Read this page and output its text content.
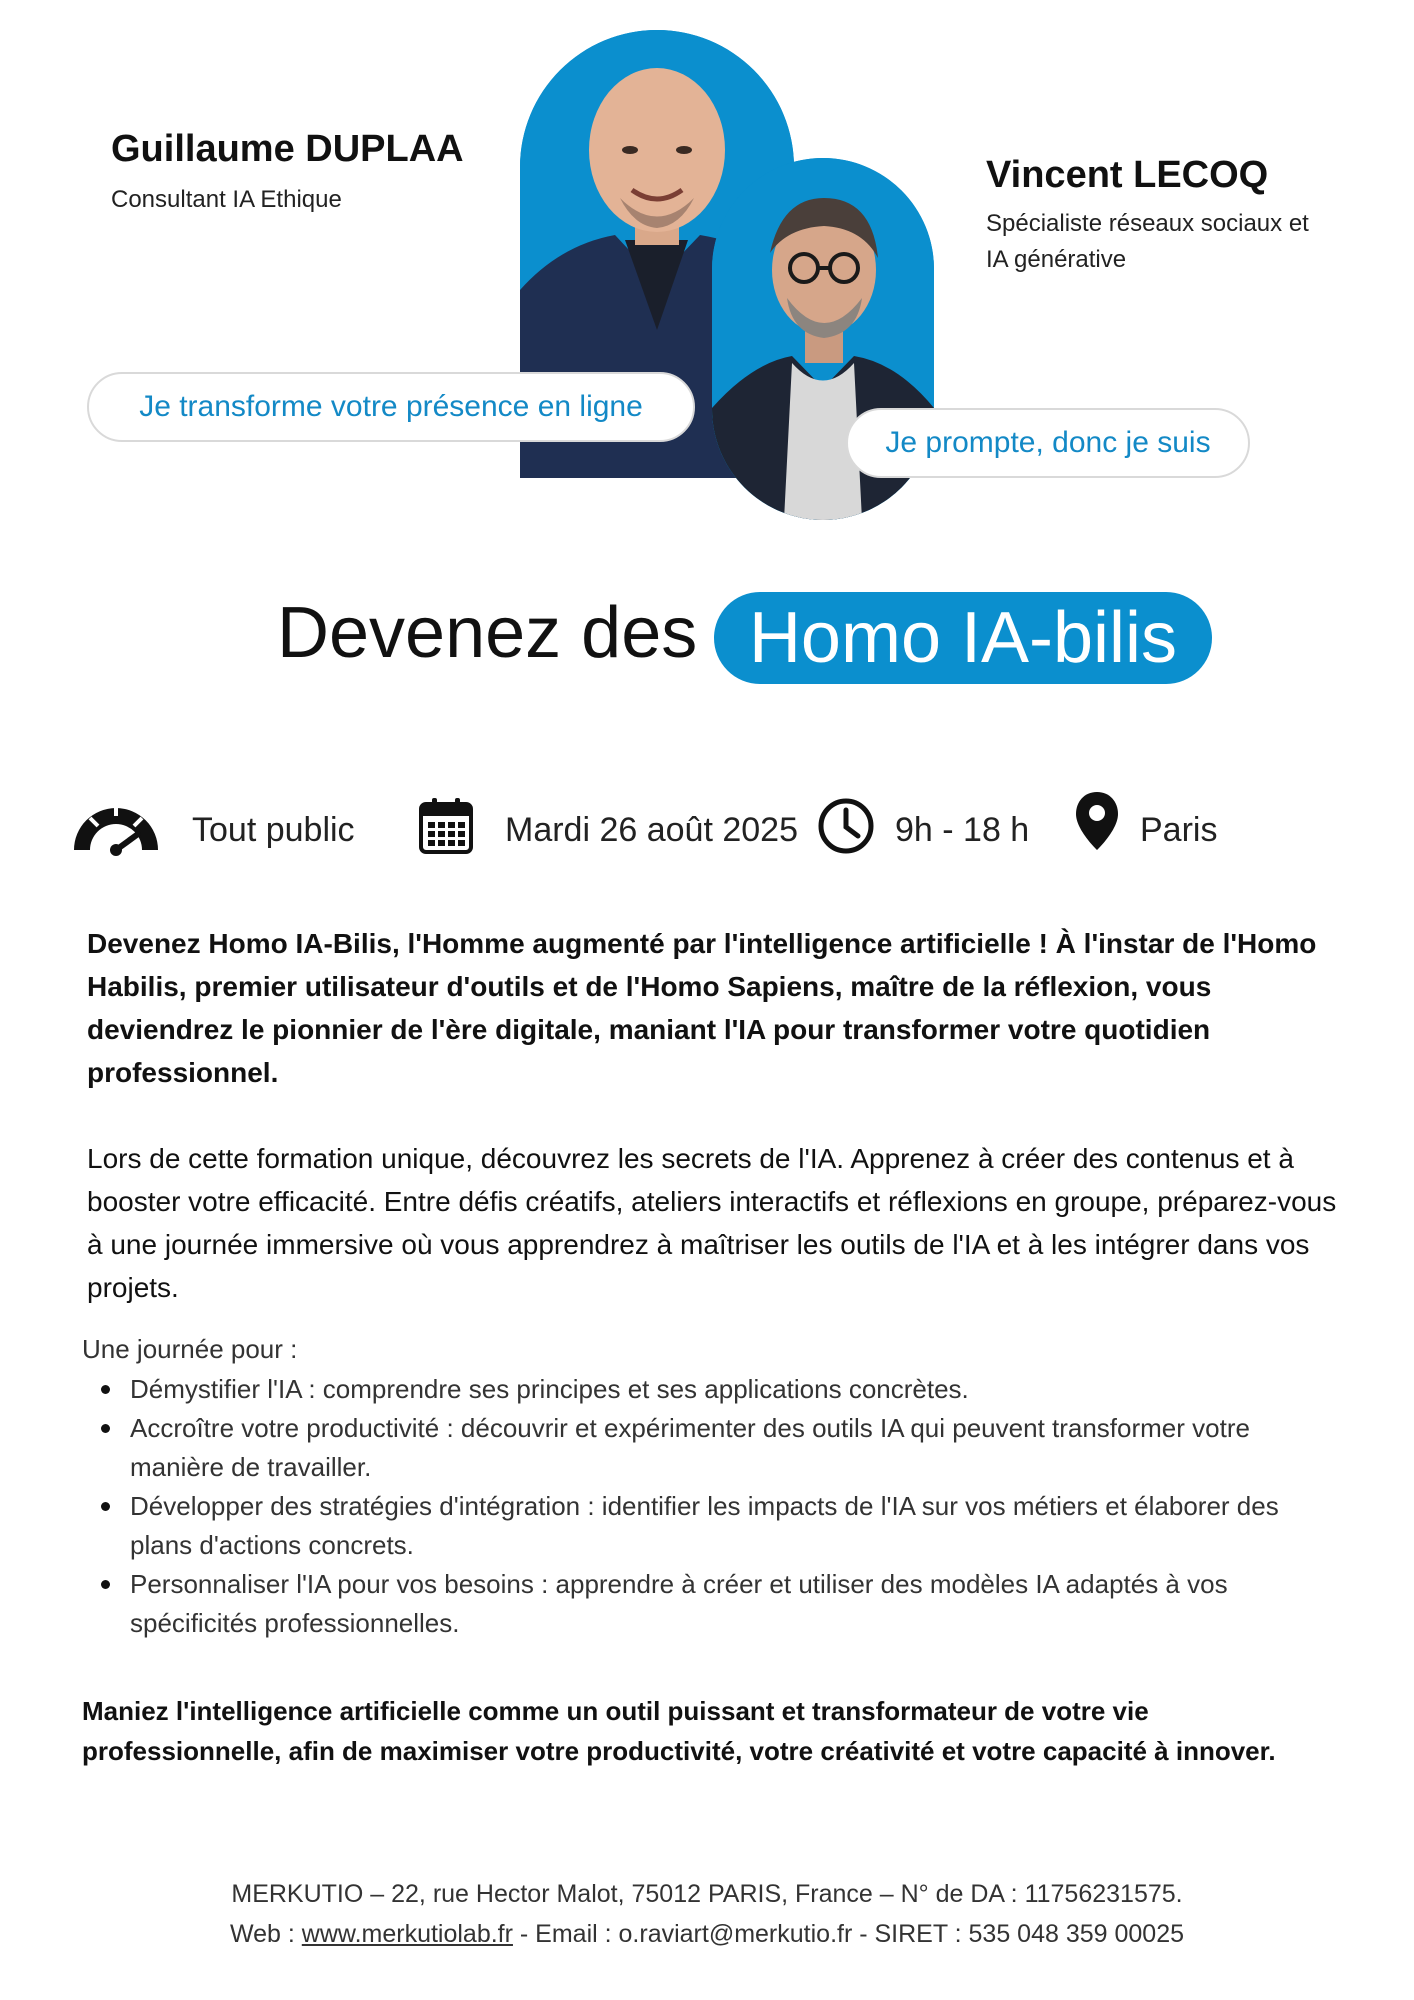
Guillaume DUPLAA
Consultant IA Ethique
Vincent LECOQ
Spécialiste réseaux sociaux et IA générative
Je transforme votre présence en ligne
Je prompte, donc je suis
Devenez des Homo IA-bilis
Tout public	Mardi 26 août 2025	9h - 18 h	Paris

Devenez Homo IA-Bilis, l'Homme augmenté par l'intelligence artificielle ! À l'instar de l'Homo Habilis, premier utilisateur d'outils et de l'Homo Sapiens, maître de la réflexion, vous deviendrez le pionnier de l'ère digitale, maniant l'IA pour transformer votre quotidien professionnel.

Lors de cette formation unique, découvrez les secrets de l'IA. Apprenez à créer des contenus et à booster votre efficacité. Entre défis créatifs, ateliers interactifs et réflexions en groupe, préparez-vous à une journée immersive où vous apprendrez à maîtriser les outils de l'IA et à les intégrer dans vos projets.

Une journée pour :
Démystifier l'IA : comprendre ses principes et ses applications concrètes.
Accroître votre productivité : découvrir et expérimenter des outils IA qui peuvent transformer votre manière de travailler.
Développer des stratégies d'intégration : identifier les impacts de l'IA sur vos métiers et élaborer des plans d'actions concrets.
Personnaliser l'IA pour vos besoins : apprendre à créer et utiliser des modèles IA adaptés à vos spécificités professionnelles.

Maniez l'intelligence artificielle comme un outil puissant et transformateur de votre vie professionnelle, afin de maximiser votre productivité, votre créativité et votre capacité à innover.

MERKUTIO – 22, rue Hector Malot, 75012 PARIS, France – N° de DA : 11756231575.
Web : www.merkutiolab.fr - Email : o.raviart@merkutio.fr - SIRET : 535 048 359 00025
